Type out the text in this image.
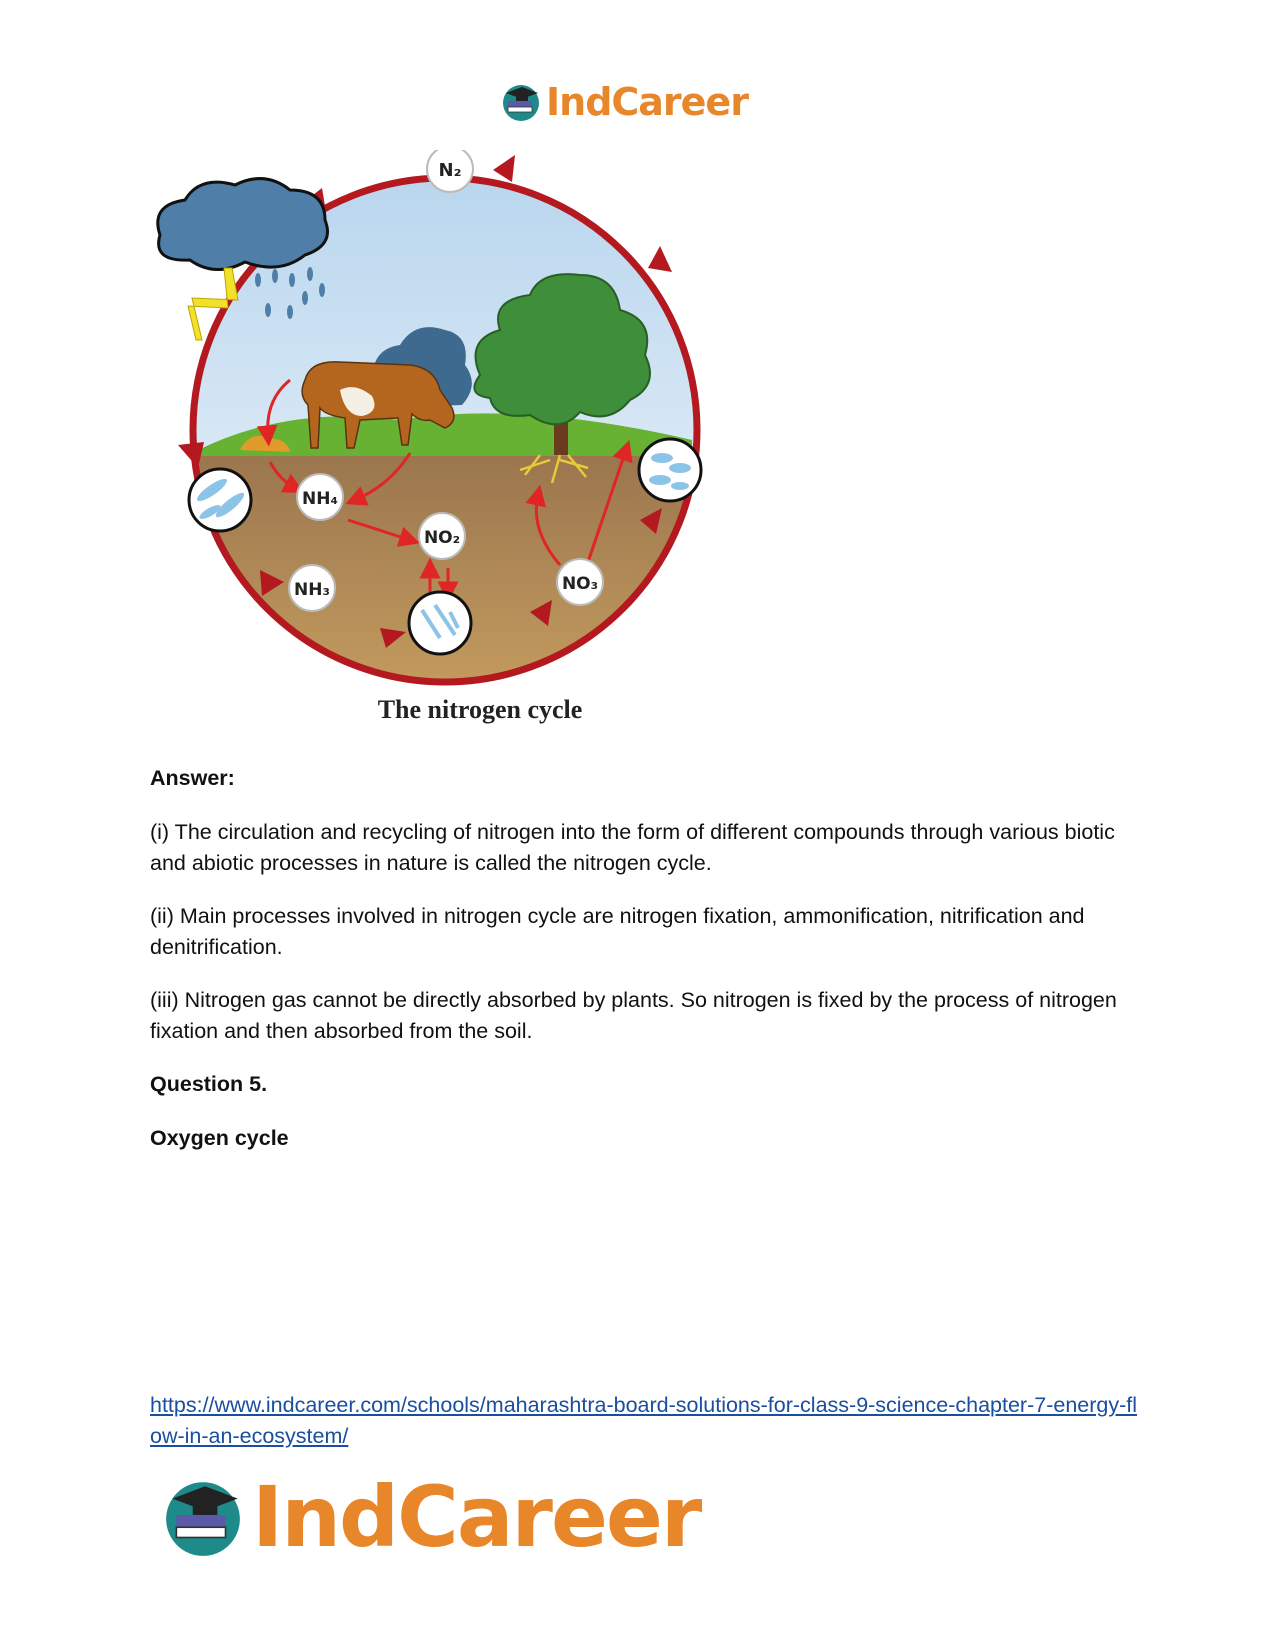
IndCareer
N₂
NH₄
NO₂
NH₃	NO₃
The nitrogen cycle
Answer:
(i) The circulation and recycling of nitrogen into the form of different compounds through various biotic and abiotic processes in nature is called the nitrogen cycle.
(ii) Main processes involved in nitrogen cycle are nitrogen fixation, ammonification, nitrification and denitrification.
(iii) Nitrogen gas cannot be directly absorbed by plants. So nitrogen is fixed by the process of nitrogen fixation and then absorbed from the soil.
Question 5.
Oxygen cycle
https://www.indcareer.com/schools/maharashtra-board-solutions-for-class-9-science-chapter-7-energy-flow-in-an-ecosystem/
IndCareer
